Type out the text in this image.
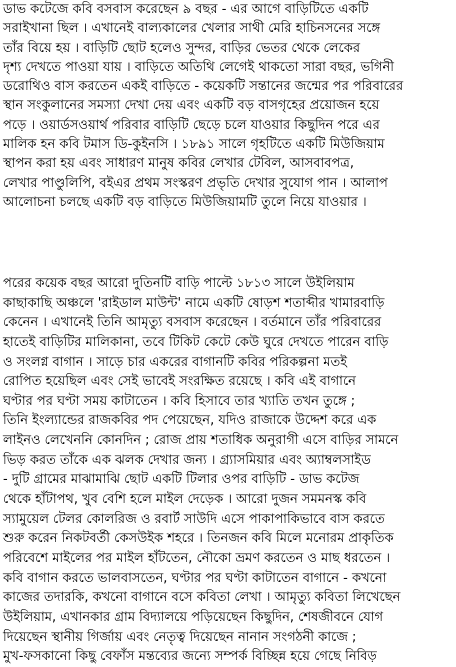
ডাভ কটেজে কবি বসবাস করেছেন ৯ বছর - এর আগে বাড়িটিতে একটি
সরাইখানা ছিল । এখানেই বাল্যকালের খেলার সাথী মেরি হাচিনসনের সঙ্গে
তাঁর বিয়ে হয় । বাড়িটি ছোট হলেও সুন্দর, বাড়ির ভেতর থেকে লেকের
দৃশ্য দেখতে পাওয়া যায় । বাড়িতে অতিথি লেগেই থাকতো সারা বছর, ভগিনী
ডরোথিও বাস করতেন একই বাড়িতে - কয়েকটি সন্তানের জন্মের পর পরিবারের
স্থান সংকুলানের সমস্যা দেখা দেয় এবং একটি বড় বাসগৃহের প্রয়োজন হয়ে
পড়ে । ওয়ার্ডসওয়ার্থ পরিবার বাড়িটি ছেড়ে চলে যাওয়ার কিছুদিন পরে এর
মালিক হন কবি টমাস ডি-কুইনসি । ১৮৯১ সালে গৃহটিতে একটি মিউজিয়াম
স্থাপন করা হয় এবং সাধারণ মানুষ কবির লেখার টেবিল, আসবাবপত্র,
লেখার পাণ্ডুলিপি, বইএর প্রথম সংস্করণ প্রভৃতি দেখার সুযোগ পান । আলাপ
আলোচনা চলছে একটি বড় বাড়িতে মিউজিয়ামটি তুলে নিয়ে যাওয়ার ।
পরের কয়েক বছর আরো দুতিনটি বাড়ি পাল্টে ১৮১৩ সালে উইলিয়াম
কাছাকাছি অঞ্চলে 'রাইডাল মাউন্ট' নামে একটি ষোড়শ শতাব্দীর খামারবাড়ি
কেনেন । এখানেই তিনি আমৃত্যু বসবাস করেছেন । বর্তমানে তাঁর পরিবারের
হাতেই বাড়িটির মালিকানা, তবে টিকিট কেটে কেউ ঘুরে দেখতে পারেন বাড়ি
ও সংলগ্ন বাগান । সাড়ে চার একরের বাগানটি কবির পরিকল্পনা মতই
রোপিত হয়েছিল এবং সেই ভাবেই সংরক্ষিত রয়েছে । কবি এই বাগানে
ঘণ্টার পর ঘণ্টা সময় কাটাতেন । কবি হিসাবে তার খ্যাতি তখন তুঙ্গে ;
তিনি ইংল্যান্ডের রাজকবির পদ পেয়েছেন, যদিও রাজাকে উদ্দেশ করে এক
লাইনও লেখেননি কোনদিন ; রোজ প্রায় শতাধিক অনুরাগী এসে বাড়ির সামনে
ভিড় করত তাঁকে এক ঝলক দেখার জন্য । গ্র্যাসমিয়ার এবং অ্যাম্বলসাইড
- দুটি গ্রামের মাঝামাঝি ছোট একটি টিলার ওপর বাড়িটি - ডাভ কটেজ
থেকে হাঁটাপথ, খুব বেশি হলে মাইল দেড়েক । আরো দুজন সমমনস্ক কবি
স্যামুয়েল টেলর কোলরিজ ও রবার্ট সাউদি এসে পাকাপাকিভাবে বাস করতে
শুরু করেন নিকটবর্তী কেসউইক শহরে । তিনজন কবি মিলে মনোরম প্রাকৃতিক
পরিবেশে মাইলের পর মাইল হাঁটতেন, নৌকো ভ্রমণ করতেন ও মাছ ধরতেন ।
কবি বাগান করতে ভালবাসতেন, ঘণ্টার পর ঘণ্টা কাটাতেন বাগানে - কখনো
কাজের তদারকি, কখনো বাগানে বসে কবিতা লেখা । আমৃত্যু কবিতা লিখেছেন
উইলিয়াম, এখানকার গ্রাম বিদ্যালয়ে পড়িয়েছেন কিছুদিন, শেষজীবনে যোগ
দিয়েছেন স্থানীয় গির্জায় এবং নেতৃত্ব দিয়েছেন নানান সংগঠনী কাজে ;
মুখ-ফসকানো কিছু বেফাঁস মন্তব্যের জন্যে সম্পর্ক বিচ্ছিন্ন হয়ে গেছে নিবিড়
